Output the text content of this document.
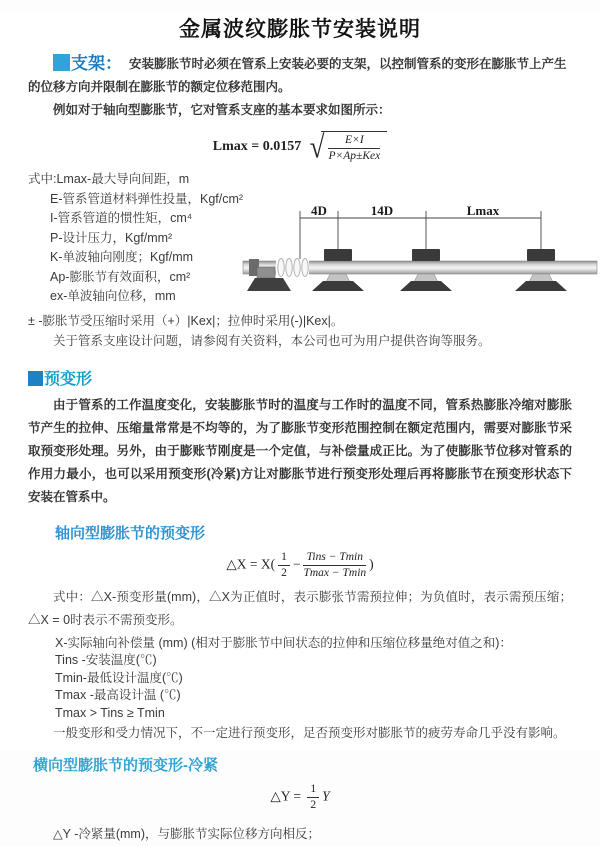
金属波纹膨胀节安装说明

支架： 安装膨胀节时必须在管系上安装必要的支架，以控制管系的变形在膨胀节上产生的位移方向并限制在膨胀节的额定位移范围内。

例如对于轴向型膨胀节，它对管系支座的基本要求如图所示：

Lmax = 0.0157 √
$\frac{E\times I}{\text{P×Ap±Kex}}$

式中:Lmax-最大导向间距，m

E-管系管道材料弹性投量，Kgf/cm²

I-管系管道的惯性矩，cm⁴

P-设计压力，Kgf/mm²

K-单波轴向刚度；Kgf/mm

Ap-膨胀节有效面积，cm²

ex-单波轴向位移，mm

4D	14D	Lmax

± -膨胀节受压缩时采用（+）|Kex|；拉伸时采用(-)|Kex|。

关于管系支座设计问题，请参阅有关资料，本公司也可为用户提供咨询等服务。

预变形

由于管系的工作温度变化，安装膨胀节时的温度与工作时的温度不同，管系热膨胀冷缩对膨胀节产生的拉伸、压缩量常常是不均等的，为了膨胀节变形范围控制在额定范围内，需要对膨胀节采取预变形处理。另外，由于膨账节刚度是一个定值，与补偿量成正比。为了使膨胀节位移对管系的作用力最小，也可以采用预变形(冷紧)方让对膨胀节进行预变形处理后再将膨胀节在预变形状态下安装在管系中。

轴向型膨胀节的预变形
△X = $X( \frac{1}{2} - \frac{\text{Tins − Tmin}}{Tmax - Tmin}$ )

式中：△X-预变形量(mm)，△X为正值时，表示膨张节需预拉伸；为负值时，表示需预压缩；△X = 0时表示不需预变形。

X-实际轴向补偿量 (mm) (相对于膨胀节中间状态的拉伸和压缩位移量绝对值之和)：

Tins -安装温度(℃)

Tmin-最低设计温度(℃)

Tmax -最高设计温 (℃)

Tmax > Tins ≥ Tmin

一般变形和受力情况下，不一定进行预变形，足否预变形对膨胀节的疲劳寿命几乎没有影响。

横向型膨胀节的预变形-冷紧
△Y = $\frac{1}{2}$ Y

△Y -冷紧量(mm)，与膨胀节实际位移方向相反；
